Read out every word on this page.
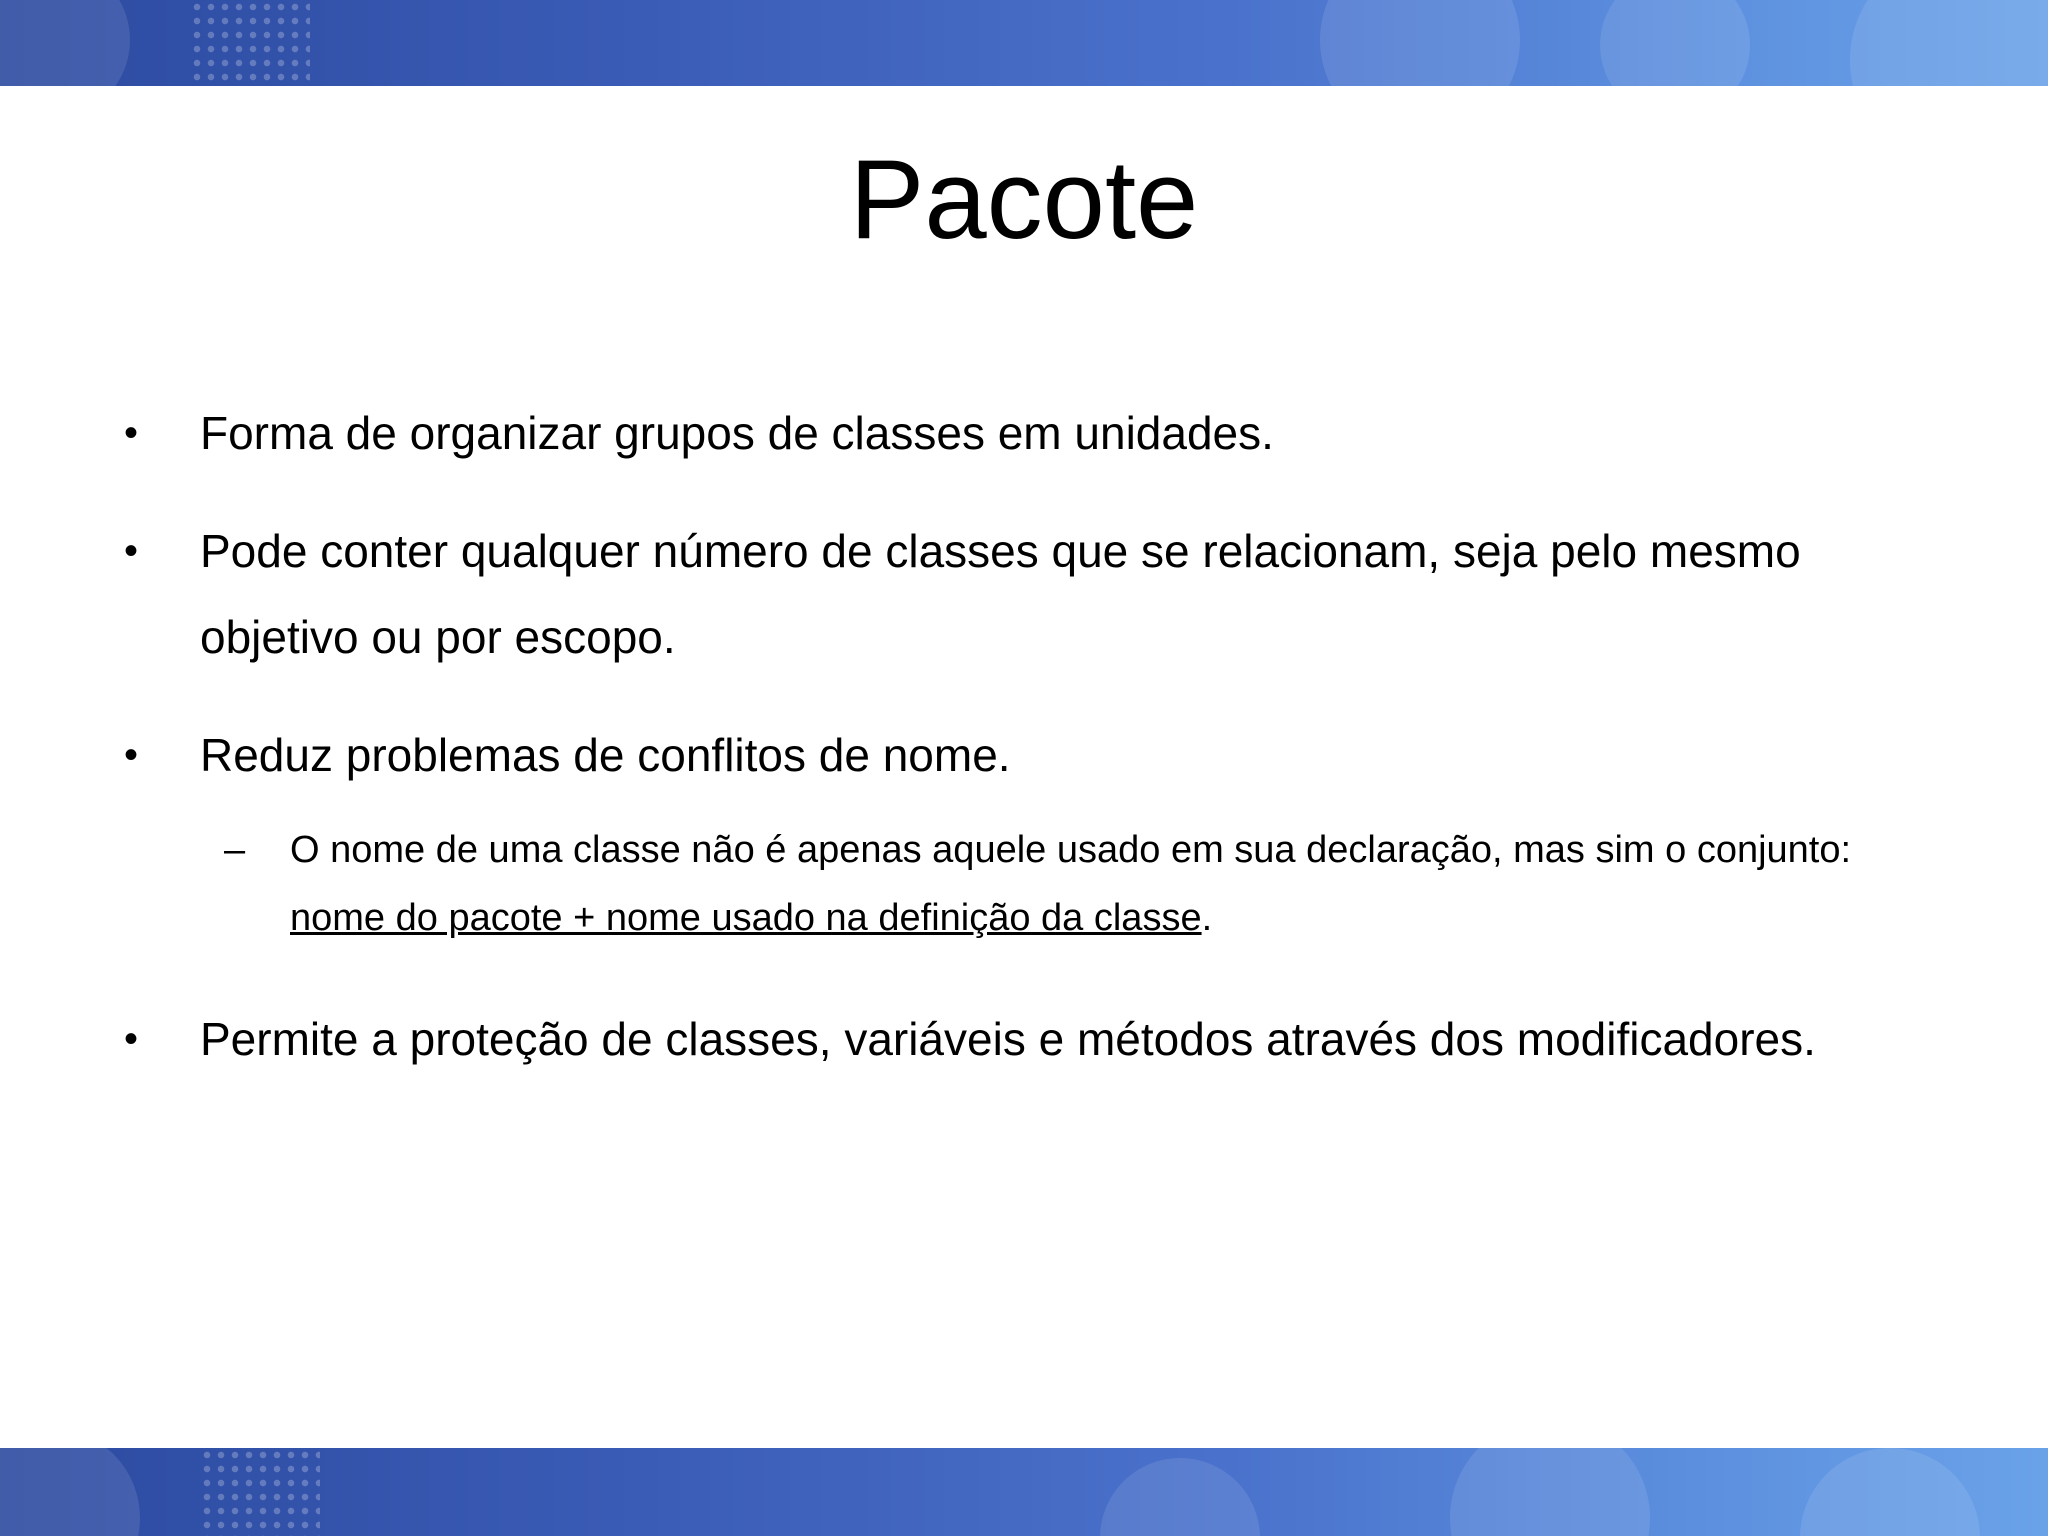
Pacote
• Forma de organizar grupos de classes em unidades.
• Pode conter qualquer número de classes que se relacionam, seja pelo mesmo objetivo ou por escopo.
• Reduz problemas de conflitos de nome.
– O nome de uma classe não é apenas aquele usado em sua declaração, mas sim o conjunto: nome do pacote + nome usado na definição da classe.
• Permite a proteção de classes, variáveis e métodos através dos modificadores.
